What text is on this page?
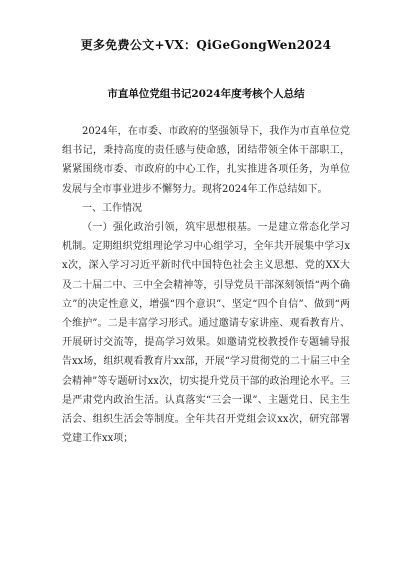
更多免费公文+VX：QiGeGongWen2024
市直单位党组书记2024年度考核个人总结

2024年，在市委、市政府的坚强领导下，我作为市直单位党组书记，秉持高度的责任感与使命感，团结带领全体干部职工，紧紧围绕市委、市政府的中心工作，扎实推进各项任务，为单位发展与全市事业进步不懈努力。现将2024年工作总结如下。

一、工作情况

（一）强化政治引领，筑牢思想根基。一是建立常态化学习机制。定期组织党组理论学习中心组学习，全年共开展集中学习xx次，深入学习习近平新时代中国特色社会主义思想、党的XX大及二十届二中、三中全会精神等，引导党员干部深刻领悟“两个确立”的决定性意义，增强“四个意识”、坚定“四个自信”、做到“两个维护”。二是丰富学习形式。通过邀请专家讲座、观看教育片、开展研讨交流等，提高学习效果。如邀请党校教授作专题辅导报告xx场，组织观看教育片xx部，开展“学习贯彻党的二十届三中全会精神”等专题研讨xx次，切实提升党员干部的政治理论水平。三是严肃党内政治生活。认真落实“三会一课”、主题党日、民主生活会、组织生活会等制度。全年共召开党组会议xx次，研究部署党建工作xx项；
